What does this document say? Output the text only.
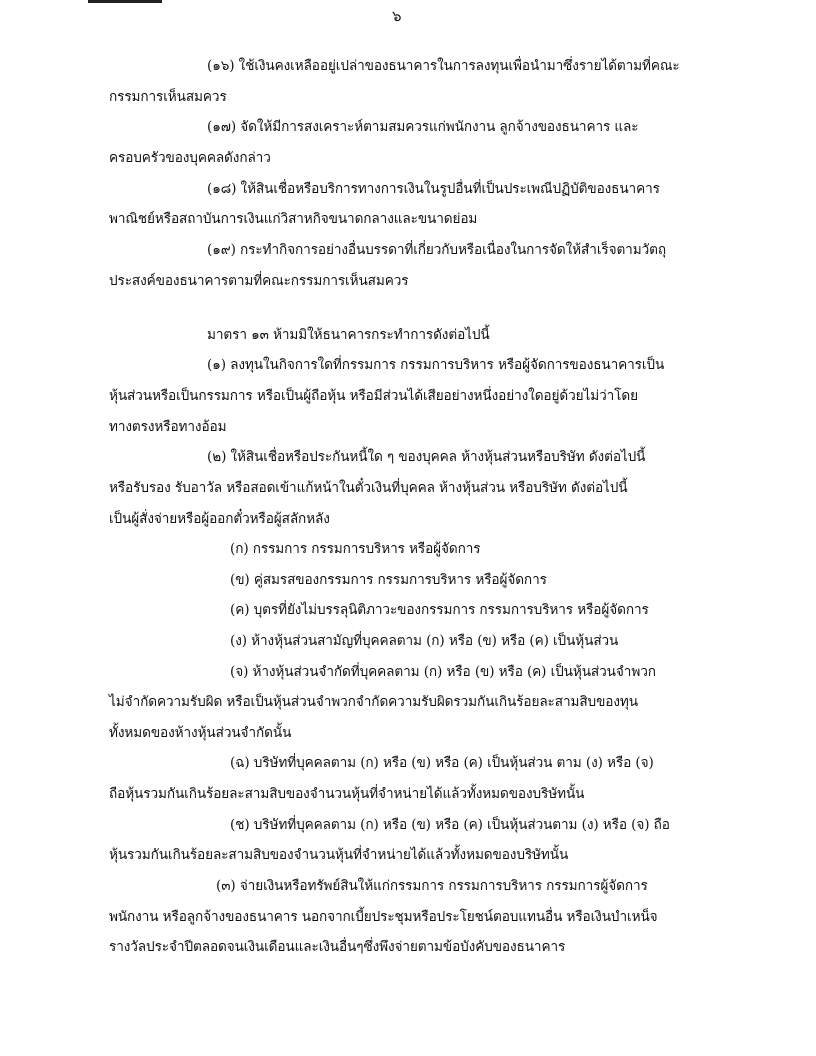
๖
(๑๖) ใช้เงินคงเหลืออยู่เปล่าของธนาคารในการลงทุนเพื่อนำมาซึ่งรายได้ตามที่คณะ
กรรมการเห็นสมควร
(๑๗) จัดให้มีการสงเคราะห์ตามสมควรแก่พนักงาน ลูกจ้างของธนาคาร และ
ครอบครัวของบุคคลดังกล่าว
(๑๘) ให้สินเชื่อหรือบริการทางการเงินในรูปอื่นที่เป็นประเพณีปฏิบัติของธนาคาร
พาณิชย์หรือสถาบันการเงินแก่วิสาหกิจขนาดกลางและขนาดย่อม
(๑๙) กระทำกิจการอย่างอื่นบรรดาที่เกี่ยวกับหรือเนื่องในการจัดให้สำเร็จตามวัตถุ
ประสงค์ของธนาคารตามที่คณะกรรมการเห็นสมควร
มาตรา ๑๓ ห้ามมิให้ธนาคารกระทำการดังต่อไปนี้
(๑) ลงทุนในกิจการใดที่กรรมการ กรรมการบริหาร หรือผู้จัดการของธนาคารเป็น
หุ้นส่วนหรือเป็นกรรมการ หรือเป็นผู้ถือหุ้น หรือมีส่วนได้เสียอย่างหนึ่งอย่างใดอยู่ด้วยไม่ว่าโดย
ทางตรงหรือทางอ้อม
(๒) ให้สินเชื่อหรือประกันหนี้ใด ๆ ของบุคคล ห้างหุ้นส่วนหรือบริษัท ดังต่อไปนี้
หรือรับรอง รับอาวัล หรือสอดเข้าแก้หน้าในตั๋วเงินที่บุคคล ห้างหุ้นส่วน หรือบริษัท ดังต่อไปนี้
เป็นผู้สั่งจ่ายหรือผู้ออกตั๋วหรือผู้สลักหลัง
(ก) กรรมการ กรรมการบริหาร หรือผู้จัดการ
(ข) คู่สมรสของกรรมการ กรรมการบริหาร หรือผู้จัดการ
(ค) บุตรที่ยังไม่บรรลุนิติภาวะของกรรมการ กรรมการบริหาร หรือผู้จัดการ
(ง) ห้างหุ้นส่วนสามัญที่บุคคลตาม (ก) หรือ (ข) หรือ (ค) เป็นหุ้นส่วน
(จ) ห้างหุ้นส่วนจำกัดที่บุคคลตาม (ก) หรือ (ข) หรือ (ค) เป็นหุ้นส่วนจำพวก
ไม่จำกัดความรับผิด หรือเป็นหุ้นส่วนจำพวกจำกัดความรับผิดรวมกันเกินร้อยละสามสิบของทุน
ทั้งหมดของห้างหุ้นส่วนจำกัดนั้น
(ฉ) บริษัทที่บุคคลตาม (ก) หรือ (ข) หรือ (ค) เป็นหุ้นส่วน ตาม (ง) หรือ (จ)
ถือหุ้นรวมกันเกินร้อยละสามสิบของจำนวนหุ้นที่จำหน่ายได้แล้วทั้งหมดของบริษัทนั้น
(ช) บริษัทที่บุคคลตาม (ก) หรือ (ข) หรือ (ค) เป็นหุ้นส่วนตาม (ง) หรือ (จ) ถือ
หุ้นรวมกันเกินร้อยละสามสิบของจำนวนหุ้นที่จำหน่ายได้แล้วทั้งหมดของบริษัทนั้น
(๓) จ่ายเงินหรือทรัพย์สินให้แก่กรรมการ กรรมการบริหาร กรรมการผู้จัดการ
พนักงาน หรือลูกจ้างของธนาคาร นอกจากเบี้ยประชุมหรือประโยชน์ตอบแทนอื่น หรือเงินบำเหน็จ
รางวัลประจำปีตลอดจนเงินเดือนและเงินอื่นๆซึ่งพึงจ่ายตามข้อบังคับของธนาคาร
